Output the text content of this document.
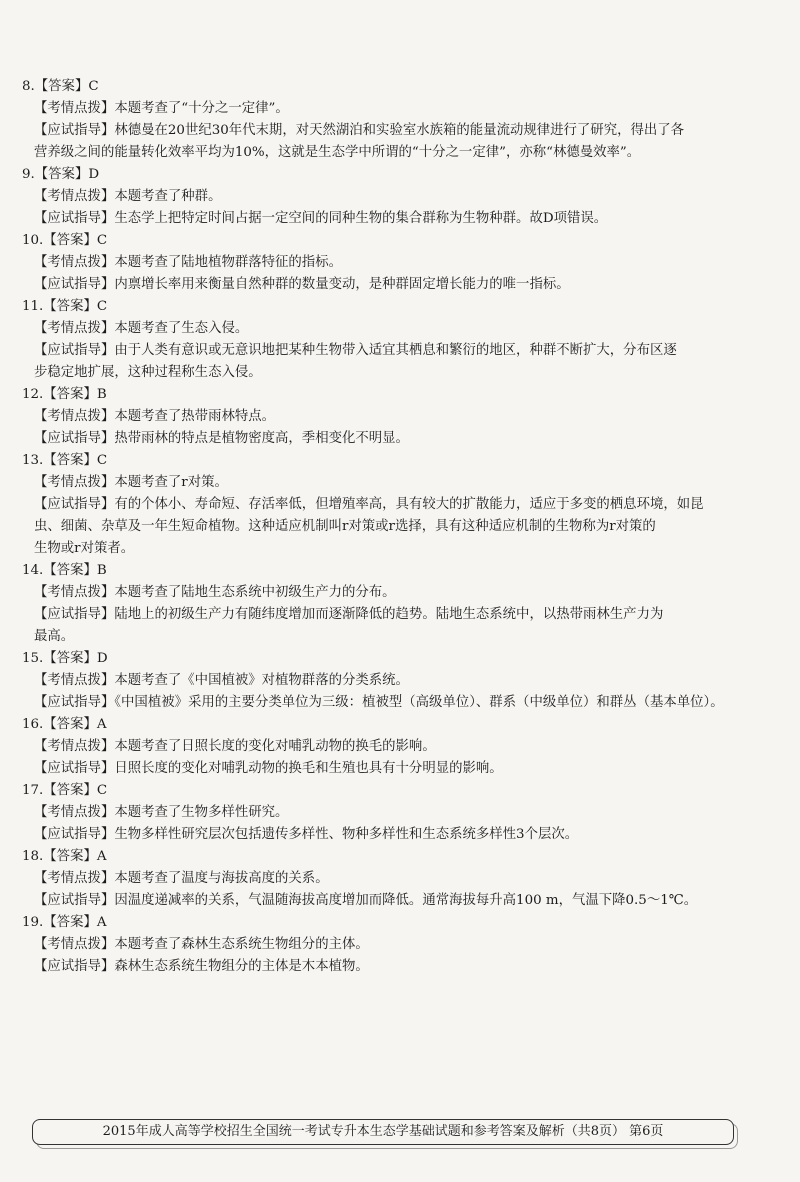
8.【答案】C
【考情点拨】本题考查了“十分之一定律”。
【应试指导】林德曼在20世纪30年代末期，对天然湖泊和实验室水族箱的能量流动规律进行了研究，得出了各
营养级之间的能量转化效率平均为10%，这就是生态学中所谓的“十分之一定律”，亦称“林德曼效率”。
9.【答案】D
【考情点拨】本题考查了种群。
【应试指导】生态学上把特定时间占据一定空间的同种生物的集合群称为生物种群。故D项错误。
10.【答案】C
【考情点拨】本题考查了陆地植物群落特征的指标。
【应试指导】内禀增长率用来衡量自然种群的数量变动，是种群固定增长能力的唯一指标。
11.【答案】C
【考情点拨】本题考查了生态入侵。
【应试指导】由于人类有意识或无意识地把某种生物带入适宜其栖息和繁衍的地区，种群不断扩大，分布区逐
步稳定地扩展，这种过程称生态入侵。
12.【答案】B
【考情点拨】本题考查了热带雨林特点。
【应试指导】热带雨林的特点是植物密度高，季相变化不明显。
13.【答案】C
【考情点拨】本题考查了r对策。
【应试指导】有的个体小、寿命短、存活率低，但增殖率高，具有较大的扩散能力，适应于多变的栖息环境，如昆
虫、细菌、杂草及一年生短命植物。这种适应机制叫r对策或r选择，具有这种适应机制的生物称为r对策的
生物或r对策者。
14.【答案】B
【考情点拨】本题考查了陆地生态系统中初级生产力的分布。
【应试指导】陆地上的初级生产力有随纬度增加而逐渐降低的趋势。陆地生态系统中，以热带雨林生产力为
最高。
15.【答案】D
【考情点拨】本题考查了《中国植被》对植物群落的分类系统。
【应试指导】《中国植被》采用的主要分类单位为三级：植被型（高级单位）、群系（中级单位）和群丛（基本单位）。
16.【答案】A
【考情点拨】本题考查了日照长度的变化对哺乳动物的换毛的影响。
【应试指导】日照长度的变化对哺乳动物的换毛和生殖也具有十分明显的影响。
17.【答案】C
【考情点拨】本题考查了生物多样性研究。
【应试指导】生物多样性研究层次包括遗传多样性、物种多样性和生态系统多样性3个层次。
18.【答案】A
【考情点拨】本题考查了温度与海拔高度的关系。
【应试指导】因温度递减率的关系，气温随海拔高度增加而降低。通常海拔每升高100 m，气温下降0.5～1℃。
19.【答案】A
【考情点拨】本题考查了森林生态系统生物组分的主体。
【应试指导】森林生态系统生物组分的主体是木本植物。
2015年成人高等学校招生全国统一考试专升本生态学基础试题和参考答案及解析（共8页） 第6页
